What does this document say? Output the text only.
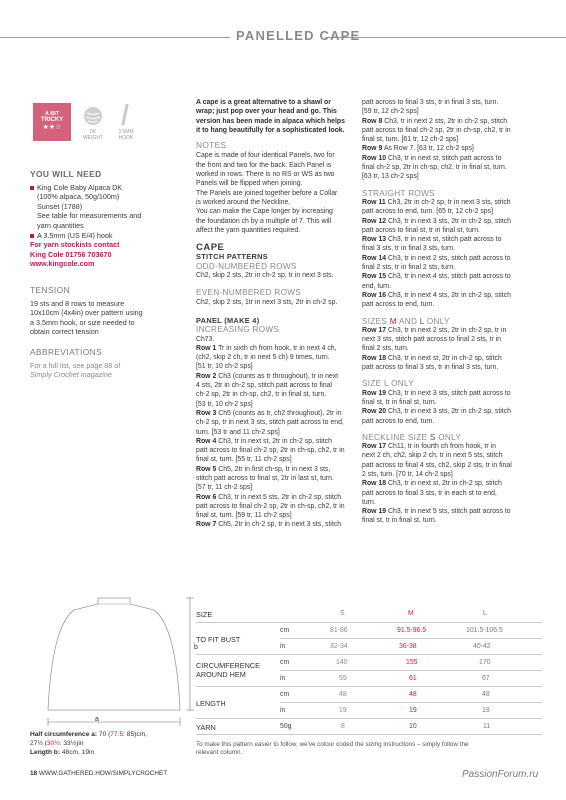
PANELLED CAPE
A BIT
TRICKY
★★☆
DK
WEIGHT
3.5MM
HOOK
YOU WILL NEED
King Cole Baby Alpaca DK
(100% alpaca, 50g/100m)
Sunset (1788)
See table for measurements and
yarn quantities
A 3.5mm (US E/4) hook
For yarn stockists contact
King Cole 01756 703670
www.kingcole.com
TENSION
19 sts and 8 rows to measure
10x10cm (4x4in) over pattern using
a 3.5mm hook, or size needed to
obtain correct tension
ABBREVIATIONS
For a full list, see page 88 of
Simply Crochet magazine
b
a
Half circumference a: 70 (77.5: 85)cm,
27½ (30½: 33½)in
Length b: 48cm, 19in
A cape is a great alternative to a shawl or
wrap; just pop over your head and go. This
version has been made in alpaca which helps
it to hang beautifully for a sophisticated look.
NOTES
Cape is made of four identical Panels, two for
the front and two for the back. Each Panel is
worked in rows. There is no RS or WS as two
Panels will be flipped when joining.
The Panels are joined together before a Collar
is worked around the Neckline.
You can make the Cape longer by increasing
the foundation ch by a multiple of 7. This will
affect the yarn quantities required.
CAPE
STITCH PATTERNS
ODD-NUMBERED ROWS
Ch2, skip 2 sts, 2tr in ch-2 sp, tr in next 3 sts.
EVEN-NUMBERED ROWS
Ch2, skip 2 sts, 1tr in next 3 sts, 2tr in ch-2 sp.
PANEL (MAKE 4)
INCREASING ROWS
Ch73.
Row 1 Tr in sixth ch from hook, tr in next 4 ch,
(ch2, skip 2 ch, tr in next 5 ch) 9 times, turn.
[51 tr, 10 ch-2 sps]
Row 2 Ch3 (counts as tr throughout), tr in next
4 sts, 2tr in ch-2 sp, stitch patt across to final
ch-2 sp, 2tr in ch-sp, ch2, tr in final st, turn.
[53 tr, 10 ch-2 sps]
Row 3 Ch5 (counts as tr, ch2 throughout), 2tr in
ch-2 sp, tr in next 3 sts, stitch patt across to end,
turn. [53 tr and 11 ch-2 sps]
Row 4 Ch3, tr in next st, 2tr in ch-2 sp, stitch
patt across to final ch-2 sp, 2tr in ch-sp, ch2, tr in
final st, turn. [55 tr, 11 ch-2 sps]
Row 5 Ch5, 2tr in first ch-sp, tr in next 3 sts,
stitch patt across to final st, 2tr in last st, turn.
[57 tr, 11 ch-2 sps]
Row 6 Ch3, tr in next 5 sts, 2tr in ch-2 sp, stitch
patt across to final ch-2 sp, 2tr in ch-sp, ch2, tr in
final st, turn. [59 tr, 11 ch-2 sps]
Row 7 Ch5, 2tr in ch-2 sp, tr in next 3 sts, stitch
patt across to final 3 sts, tr in final 3 sts, turn.
[59 tr, 12 ch-2 sps]
Row 8 Ch3, tr in next 2 sts, 2tr in ch-2 sp, stitch
patt across to final ch-2 sp, 2tr in ch-sp, ch2, tr in
final st, turn. [61 tr, 12 ch-2 sps]
Row 9 As Row 7. [63 tr, 12 ch-2 sps]
Row 10 Ch3, tr in next st, stitch patt across to
final ch-2 sp, 2tr in ch-sp, ch2, tr in final st, turn.
[63 tr, 13 ch-2 sps]
STRAIGHT ROWS
Row 11 Ch3, 2tr in ch-2 sp, tr in next 3 sts, stitch
patt across to end, turn. [65 tr, 12 ch-2 sps]
Row 12 Ch3, tr in next 3 sts, 2tr in ch-2 sp, stitch
patt across to final st, tr in final st, turn.
Row 13 Ch3, tr in next st, stitch patt across to
final 3 sts, tr in final 3 sts, turn.
Row 14 Ch3, tr in next 2 sts, stitch patt across to
final 2 sts, tr in final 2 sts, turn.
Row 15 Ch3, tr in next 4 sts, stitch patt across to
end, turn.
Row 16 Ch3, tr in next 4 sts, 2tr in ch-2 sp, stitch
patt across to end, turn.
SIZES M AND L ONLY
Row 17 Ch3, tr in next 2 sts, 2tr in ch-2 sp, tr in
next 3 sts, stitch patt across to final 2 sts, tr in
final 2 sts, turn.
Row 18 Ch3, tr in next st, 2tr in ch-2 sp, stitch
patt across to final 3 sts, tr in final 3 sts, turn.
SIZE L ONLY
Row 19 Ch3, tr in next 3 sts, stitch patt across to
final st, tr in final st, turn.
Row 20 Ch3, tr in next 3 sts, 2tr in ch-2 sp, stitch
patt across to end, turn.
NECKLINE SIZE S ONLY
Row 17 Ch11, tr in fourth ch from hook, tr in
next 2 ch, ch2, skip 2 ch, tr in next 5 sts, stitch
patt across to final 4 sts, ch2, skip 2 sts, tr in final
2 sts, turn. [70 tr, 14 ch-2 sps]
Row 18 Ch3, tr in next st, 2tr in ch-2 sp, stitch
patt across to final 3 sts, tr in each st to end,
turn.
Row 19 Ch3, tr in next 5 sts, stitch patt across to
final st, tr in final st, turn.
SIZE	S	M	L
TO FIT BUST
cm	81-86	91.5-96.5	101.5-106.5
in	32-34	36-38	40-42
CIRCUMFERENCE
AROUND HEM
cm	140	155	170
in	55	61	67
LENGTH
cm	48	48	48
in	19	19	19
YARN	50g	8	10	11
To make this pattern easier to follow, we've colour coded the sizing instructions – simply follow the
relevant column.
18 WWW.GATHERED.HOW/SIMPLYCROCHET	PassionForum.ru
